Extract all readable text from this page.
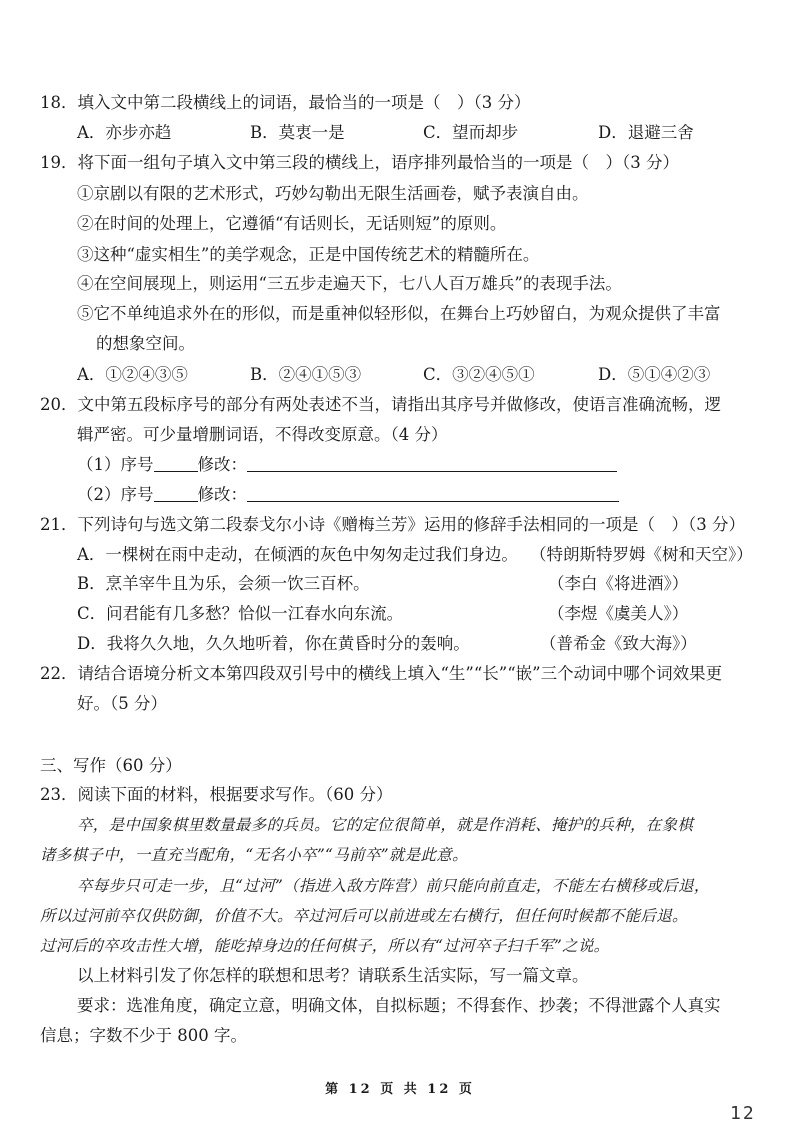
18．填入文中第二段横线上的词语，最恰当的一项是（　）（3 分）
A．亦步亦趋	B．莫衷一是	C．望而却步	D．退避三舍
19．将下面一组句子填入文中第三段的横线上，语序排列最恰当的一项是（　）（3 分）
①京剧以有限的艺术形式，巧妙勾勒出无限生活画卷，赋予表演自由。
②在时间的处理上，它遵循“有话则长，无话则短”的原则。
③这种“虚实相生”的美学观念，正是中国传统艺术的精髓所在。
④在空间展现上，则运用“三五步走遍天下，七八人百万雄兵”的表现手法。
⑤它不单纯追求外在的形似，而是重神似轻形似，在舞台上巧妙留白，为观众提供了丰富
的想象空间。
A．①②④③⑤	B．②④①⑤③	C．③②④⑤①	D．⑤①④②③
20．文中第五段标序号的部分有两处表述不当，请指出其序号并做修改，使语言准确流畅，逻
辑严密。可少量增删词语，不得改变原意。（4 分）
（1）序号	修改：
（2）序号	修改：
21．下列诗句与选文第二段泰戈尔小诗《赠梅兰芳》运用的修辞手法相同的一项是（　）（3 分）
A．一棵树在雨中走动，在倾洒的灰色中匆匆走过我们身边。 （特朗斯特罗姆《树和天空》）
B．烹羊宰牛且为乐，会须一饮三百杯。	（李白《将进酒》）
C．问君能有几多愁？恰似一江春水向东流。	（李煜《虞美人》）
D．我将久久地，久久地听着，你在黄昏时分的轰响。	（普希金《致大海》）
22．请结合语境分析文本第四段双引号中的横线上填入“生”“长”“嵌”三个动词中哪个词效果更
好。（5 分）
三、写作（60 分）
23．阅读下面的材料，根据要求写作。（60 分）
卒，是中国象棋里数量最多的兵员。它的定位很简单，就是作消耗、掩护的兵种，在象棋
诸多棋子中，一直充当配角，“无名小卒”“马前卒”就是此意。
卒每步只可走一步，且“过河”（指进入敌方阵营）前只能向前直走，不能左右横移或后退，
所以过河前卒仅供防御，价值不大。卒过河后可以前进或左右横行，但任何时候都不能后退。
过河后的卒攻击性大增，能吃掉身边的任何棋子，所以有“过河卒子扫千军”之说。
以上材料引发了你怎样的联想和思考？请联系生活实际，写一篇文章。
要求：选准角度，确定立意，明确文体，自拟标题；不得套作、抄袭；不得泄露个人真实
信息；字数不少于 800 字。
第 12 页 共 12 页
12
